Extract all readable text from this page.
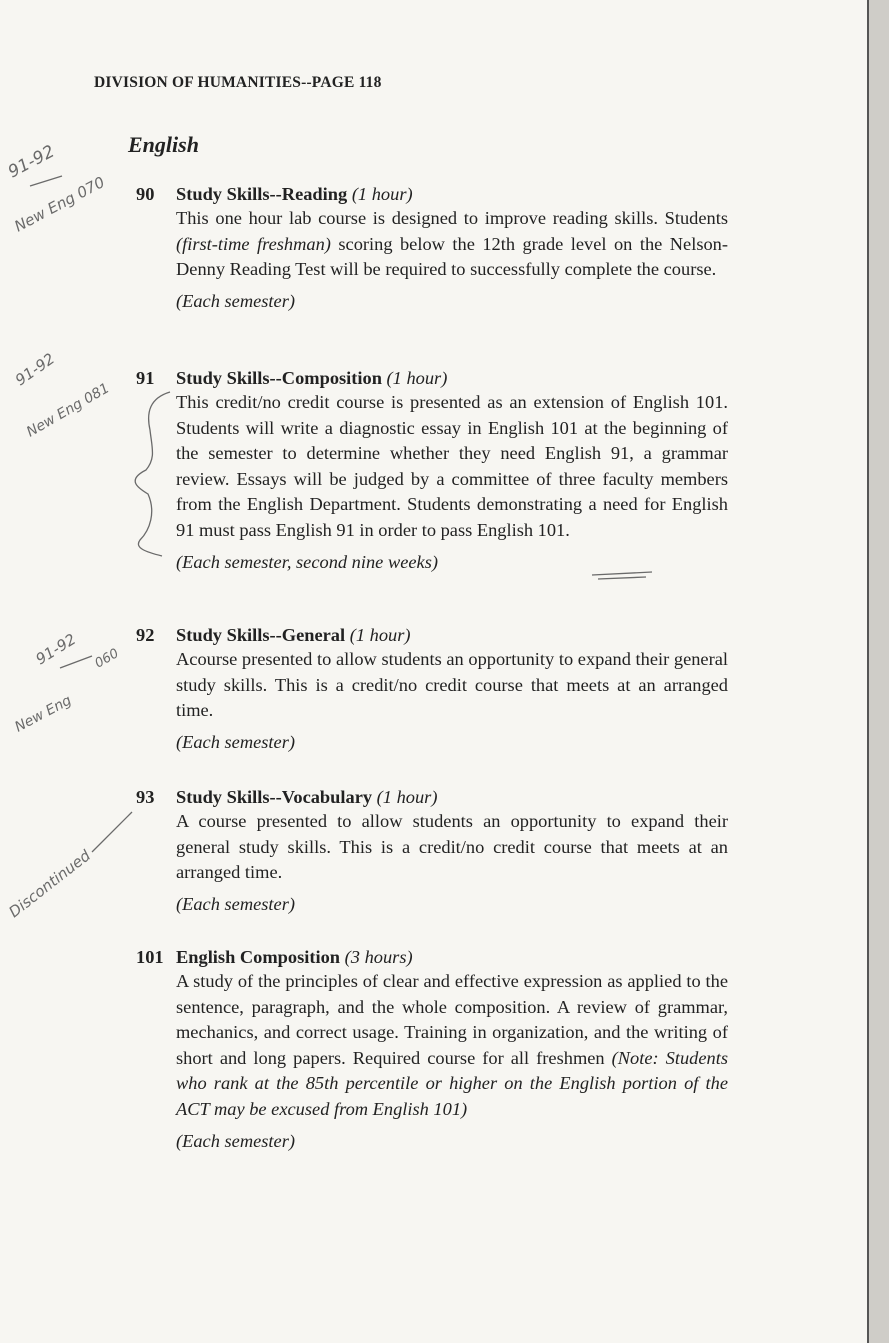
DIVISION OF HUMANITIES--PAGE 118
English
90 Study Skills--Reading (1 hour)

This one hour lab course is designed to improve reading skills. Students (first-time freshman) scoring below the 12th grade level on the Nelson-Denny Reading Test will be required to successfully complete the course.

(Each semester)
91 Study Skills--Composition (1 hour)

This credit/no credit course is presented as an extension of English 101. Students will write a diagnostic essay in English 101 at the beginning of the semester to determine whether they need English 91, a grammar review. Essays will be judged by a committee of three faculty members from the English Department. Students demonstrating a need for English 91 must pass English 91 in order to pass English 101.

(Each semester, second nine weeks)
92 Study Skills--General (1 hour)

Acourse presented to allow students an opportunity to expand their general study skills. This is a credit/no credit course that meets at an arranged time.

(Each semester)
93 Study Skills--Vocabulary (1 hour)

A course presented to allow students an opportunity to expand their general study skills. This is a credit/no credit course that meets at an arranged time.

(Each semester)
101 English Composition (3 hours)

A study of the principles of clear and effective expression as applied to the sentence, paragraph, and the whole composition. A review of grammar, mechanics, and correct usage. Training in organization, and the writing of short and long papers. Required course for all freshmen (Note: Students who rank at the 85th percentile or higher on the English portion of the ACT may be excused from English 101)

(Each semester)
91-92
New Eng 070
91-92
New Eng 081
91-92 060
New Eng
Discontinued
